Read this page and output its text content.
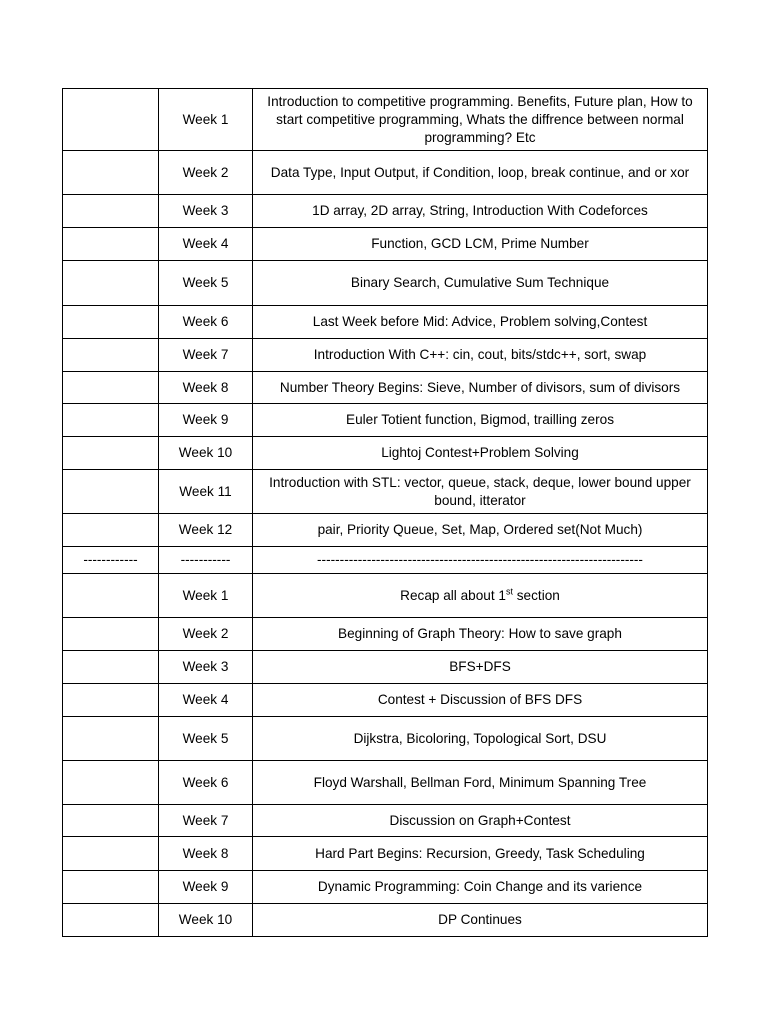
	Week 1	Introduction to competitive programming. Benefits, Future plan, How to start competitive programming, Whats the diffrence between normal programming? Etc
	Week 2	Data Type, Input Output, if Condition, loop, break continue, and or xor
	Week 3	1D array, 2D array, String, Introduction With Codeforces
	Week 4	Function, GCD LCM, Prime Number
	Week 5	Binary Search, Cumulative Sum Technique
	Week 6	Last Week before Mid: Advice, Problem solving,Contest
	Week 7	Introduction With C++: cin, cout, bits/stdc++, sort, swap
	Week 8	Number Theory Begins: Sieve, Number of divisors, sum of divisors
	Week 9	Euler Totient function, Bigmod, trailling zeros
	Week 10	Lightoj Contest+Problem Solving
	Week 11	Introduction with STL: vector, queue, stack, deque, lower bound upper bound, itterator
	Week 12	pair, Priority Queue, Set, Map, Ordered set(Not Much)
------------	-----------	------------------------------------------------------------------------
	Week 1	Recap all about 1st section
	Week 2	Beginning of Graph Theory: How to save graph
	Week 3	BFS+DFS
	Week 4	Contest + Discussion of BFS DFS
	Week 5	Dijkstra, Bicoloring, Topological Sort, DSU
	Week 6	Floyd Warshall, Bellman Ford, Minimum Spanning Tree
	Week 7	Discussion on Graph+Contest
	Week 8	Hard Part Begins: Recursion, Greedy, Task Scheduling
	Week 9	Dynamic Programming: Coin Change and its varience
	Week 10	DP Continues
